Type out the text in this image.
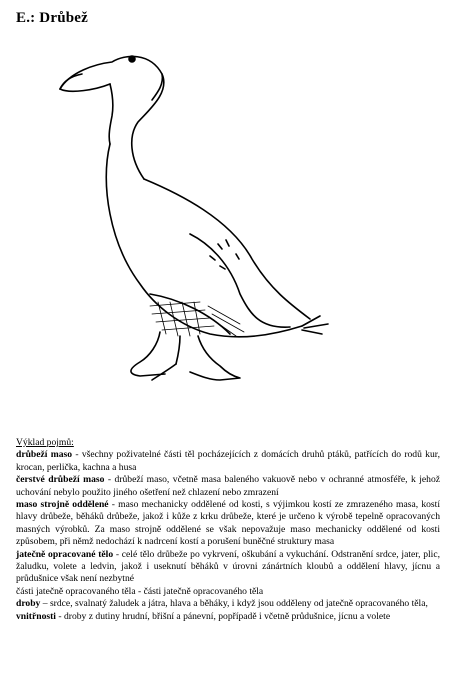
E.: Drůbež
Výklad pojmů:

drůbeží maso - všechny poživatelné části těl pocházejících z domácích druhů ptáků, patřících do rodů kur, krocan, perlička, kachna a husa

čerstvé drůbeží maso - drůbeží maso, včetně masa baleného vakuově nebo v ochranné atmosféře, k jehož uchování nebylo použito jiného ošetření než chlazení nebo zmrazení

maso strojně oddělené - maso mechanicky oddělené od kosti, s výjimkou kostí ze zmrazeného masa, kostí hlavy drůbeže, běháků drůbeže, jakož i kůže z krku drůbeže, které je určeno k výrobě tepelně opracovaných masných výrobků. Za maso strojně oddělené se však nepovažuje maso mechanicky oddělené od kosti způsobem, při němž nedochází k nadrcení kostí a porušení buněčné struktury masa

jatečně opracované tělo - celé tělo drůbeže po vykrvení, oškubání a vykuchání. Odstranění srdce, jater, plic, žaludku, volete a ledvin, jakož i useknutí běháků v úrovni zánártních kloubů a oddělení hlavy, jícnu a průdušnice však není nezbytné

části jatečně opracovaného těla - části jatečně opracovaného těla

droby – srdce, svalnatý žaludek a játra, hlava a běháky, i když jsou odděleny od jatečně opracovaného těla,

vnitřnosti - droby z dutiny hrudní, břišní a pánevní, popřípadě i včetně průdušnice, jícnu a volete
